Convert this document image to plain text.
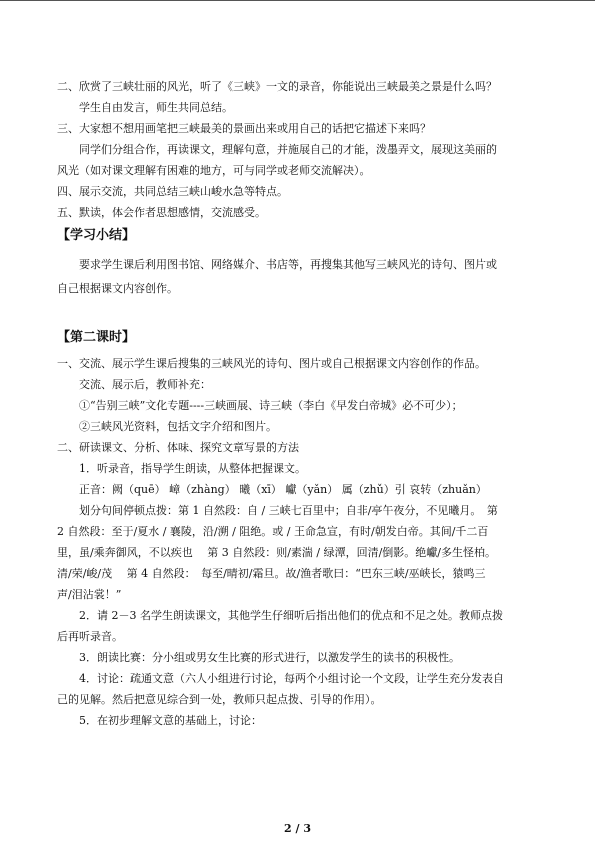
二、欣赏了三峡壮丽的风光，听了《三峡》一文的录音，你能说出三峡最美之景是什么吗？

学生自由发言，师生共同总结。

三、大家想不想用画笔把三峡最美的景画出来或用自己的话把它描述下来吗？

同学们分组合作，再读课文，理解句意，并施展自己的才能，泼墨弄文，展现这美丽的

风光（如对课文理解有困难的地方，可与同学或老师交流解决）。

四、展示交流，共同总结三峡山峻水急等特点。

五、默读，体会作者思想感情，交流感受。

【学习小结】

要求学生课后利用图书馆、网络媒介、书店等，再搜集其他写三峡风光的诗句、图片或

自己根据课文内容创作。

【第二课时】

一、交流、展示学生课后搜集的三峡风光的诗句、图片或自己根据课文内容创作的作品。

交流、展示后，教师补充：

①“告别三峡”文化专题----三峡画展、诗三峡（李白《早发白帝城》必不可少）；

②三峡风光资料，包括文字介绍和图片。

二、研读课文、分析、体味、探究文章写景的方法

1．听录音，指导学生朗读，从整体把握课文。

正音：阙（quē） 嶂（zhàng） 曦（xī） 巘（yǎn） 属（zhǔ）引 哀转（zhuǎn）

划分句间停顿点拨：第 1 自然段：自 / 三峡七百里中；自非/亭午夜分，不见曦月。　第

2 自然段：至于/夏水 / 襄陵，沿/溯 / 阻绝。或 / 王命急宣，有时/朝发白帝。其间/千二百

里，虽/乘奔御风，不以疾也　 第 3 自然段：则/素湍 / 绿潭，回清/倒影。绝巘/多生怪柏。

清/荣/峻/茂　 第 4 自然段：　每至/晴初/霜旦。故/渔者歌曰：“巴东三峡/巫峡长，猿鸣三

声/泪沾裳！”

2．请 2－3 名学生朗读课文，其他学生仔细听后指出他们的优点和不足之处。教师点拨

后再听录音。

3．朗读比赛：分小组或男女生比赛的形式进行，以激发学生的读书的积极性。

4．讨论：疏通文意（六人小组进行讨论，每两个小组讨论一个文段，让学生充分发表自

己的见解。然后把意见综合到一处，教师只起点拨、引导的作用）。

5．在初步理解文意的基础上，讨论：

2 / 3
